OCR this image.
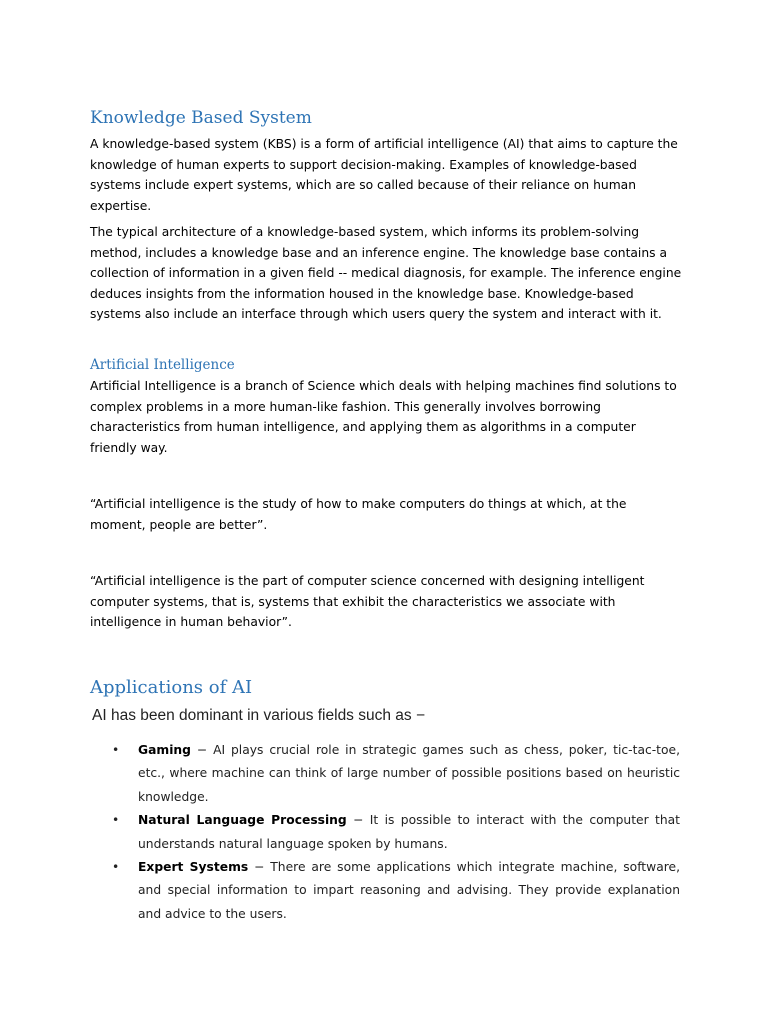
Knowledge Based System

A knowledge-based system (KBS) is a form of artificial intelligence (AI) that aims to capture the knowledge of human experts to support decision-making. Examples of knowledge-based systems include expert systems, which are so called because of their reliance on human expertise.

The typical architecture of a knowledge-based system, which informs its problem-solving method, includes a knowledge base and an inference engine. The knowledge base contains a collection of information in a given field -- medical diagnosis, for example. The inference engine deduces insights from the information housed in the knowledge base. Knowledge-based systems also include an interface through which users query the system and interact with it.

Artificial Intelligence

Artificial Intelligence is a branch of Science which deals with helping machines find solutions to complex problems in a more human-like fashion. This generally involves borrowing characteristics from human intelligence, and applying them as algorithms in a computer friendly way.

“Artificial intelligence is the study of how to make computers do things at which, at the moment, people are better”.

“Artificial intelligence is the part of computer science concerned with designing intelligent computer systems, that is, systems that exhibit the characteristics we associate with intelligence in human behavior”.

Applications of AI

AI has been dominant in various fields such as −

• Gaming − AI plays crucial role in strategic games such as chess, poker, tic-tac-toe, etc., where machine can think of large number of possible positions based on heuristic knowledge.
• Natural Language Processing − It is possible to interact with the computer that understands natural language spoken by humans.
• Expert Systems − There are some applications which integrate machine, software, and special information to impart reasoning and advising. They provide explanation and advice to the users.
